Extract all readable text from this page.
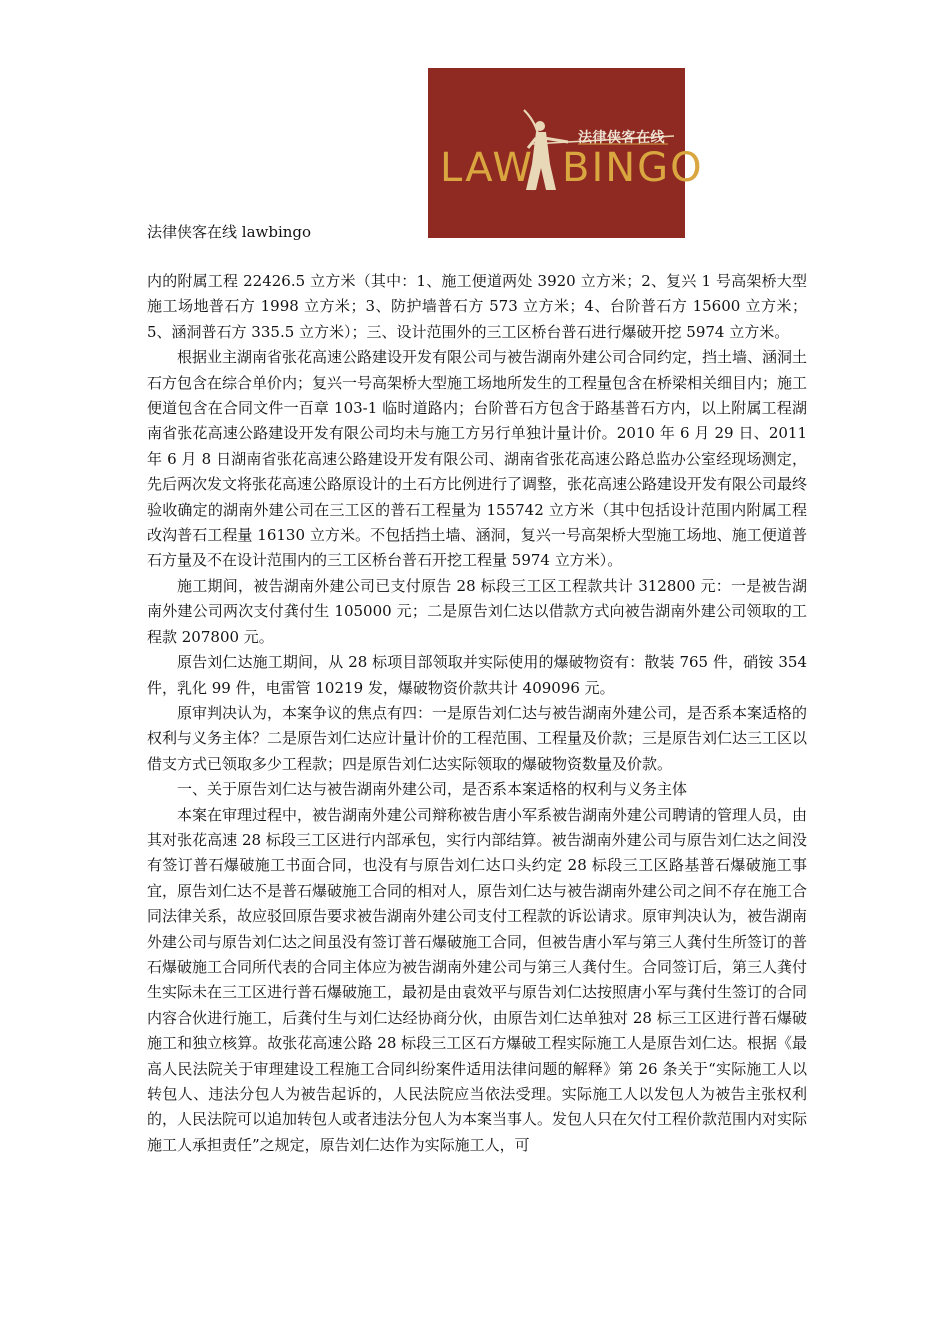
法律侠客在线
LAW BINGO
法律侠客在线 lawbingo

内的附属工程 22426.5 立方米（其中：1、施工便道两处 3920 立方米；2、复兴 1 号高架桥大型施工场地普石方 1998 立方米；3、防护墙普石方 573 立方米；4、台阶普石方 15600 立方米；5、涵洞普石方 335.5 立方米）；三、设计范围外的三工区桥台普石进行爆破开挖 5974 立方米。

根据业主湖南省张花高速公路建设开发有限公司与被告湖南外建公司合同约定，挡土墙、涵洞土石方包含在综合单价内；复兴一号高架桥大型施工场地所发生的工程量包含在桥梁相关细目内；施工便道包含在合同文件一百章 103-1 临时道路内；台阶普石方包含于路基普石方内，以上附属工程湖南省张花高速公路建设开发有限公司均未与施工方另行单独计量计价。2010 年 6 月 29 日、2011 年 6 月 8 日湖南省张花高速公路建设开发有限公司、湖南省张花高速公路总监办公室经现场测定，先后两次发文将张花高速公路原设计的土石方比例进行了调整，张花高速公路建设开发有限公司最终验收确定的湖南外建公司在三工区的普石工程量为 155742 立方米（其中包括设计范围内附属工程改沟普石工程量 16130 立方米。不包括挡土墙、涵洞，复兴一号高架桥大型施工场地、施工便道普石方量及不在设计范围内的三工区桥台普石开挖工程量 5974 立方米）。

施工期间，被告湖南外建公司已支付原告 28 标段三工区工程款共计 312800 元：一是被告湖南外建公司两次支付龚付生 105000 元；二是原告刘仁达以借款方式向被告湖南外建公司领取的工程款 207800 元。

原告刘仁达施工期间，从 28 标项目部领取并实际使用的爆破物资有：散装 765 件，硝铵 354 件，乳化 99 件，电雷管 10219 发，爆破物资价款共计 409096 元。

原审判决认为，本案争议的焦点有四：一是原告刘仁达与被告湖南外建公司，是否系本案适格的权利与义务主体？二是原告刘仁达应计量计价的工程范围、工程量及价款；三是原告刘仁达三工区以借支方式已领取多少工程款；四是原告刘仁达实际领取的爆破物资数量及价款。

一、关于原告刘仁达与被告湖南外建公司，是否系本案适格的权利与义务主体

本案在审理过程中，被告湖南外建公司辩称被告唐小军系被告湖南外建公司聘请的管理人员，由其对张花高速 28 标段三工区进行内部承包，实行内部结算。被告湖南外建公司与原告刘仁达之间没有签订普石爆破施工书面合同，也没有与原告刘仁达口头约定 28 标段三工区路基普石爆破施工事宜，原告刘仁达不是普石爆破施工合同的相对人，原告刘仁达与被告湖南外建公司之间不存在施工合同法律关系，故应驳回原告要求被告湖南外建公司支付工程款的诉讼请求。原审判决认为，被告湖南外建公司与原告刘仁达之间虽没有签订普石爆破施工合同，但被告唐小军与第三人龚付生所签订的普石爆破施工合同所代表的合同主体应为被告湖南外建公司与第三人龚付生。合同签订后，第三人龚付生实际未在三工区进行普石爆破施工，最初是由袁效平与原告刘仁达按照唐小军与龚付生签订的合同内容合伙进行施工，后龚付生与刘仁达经协商分伙，由原告刘仁达单独对 28 标三工区进行普石爆破施工和独立核算。故张花高速公路 28 标段三工区石方爆破工程实际施工人是原告刘仁达。根据《最高人民法院关于审理建设工程施工合同纠纷案件适用法律问题的解释》第 26 条关于“实际施工人以转包人、违法分包人为被告起诉的，人民法院应当依法受理。实际施工人以发包人为被告主张权利的，人民法院可以追加转包人或者违法分包人为本案当事人。发包人只在欠付工程价款范围内对实际施工人承担责任”之规定，原告刘仁达作为实际施工人，可
